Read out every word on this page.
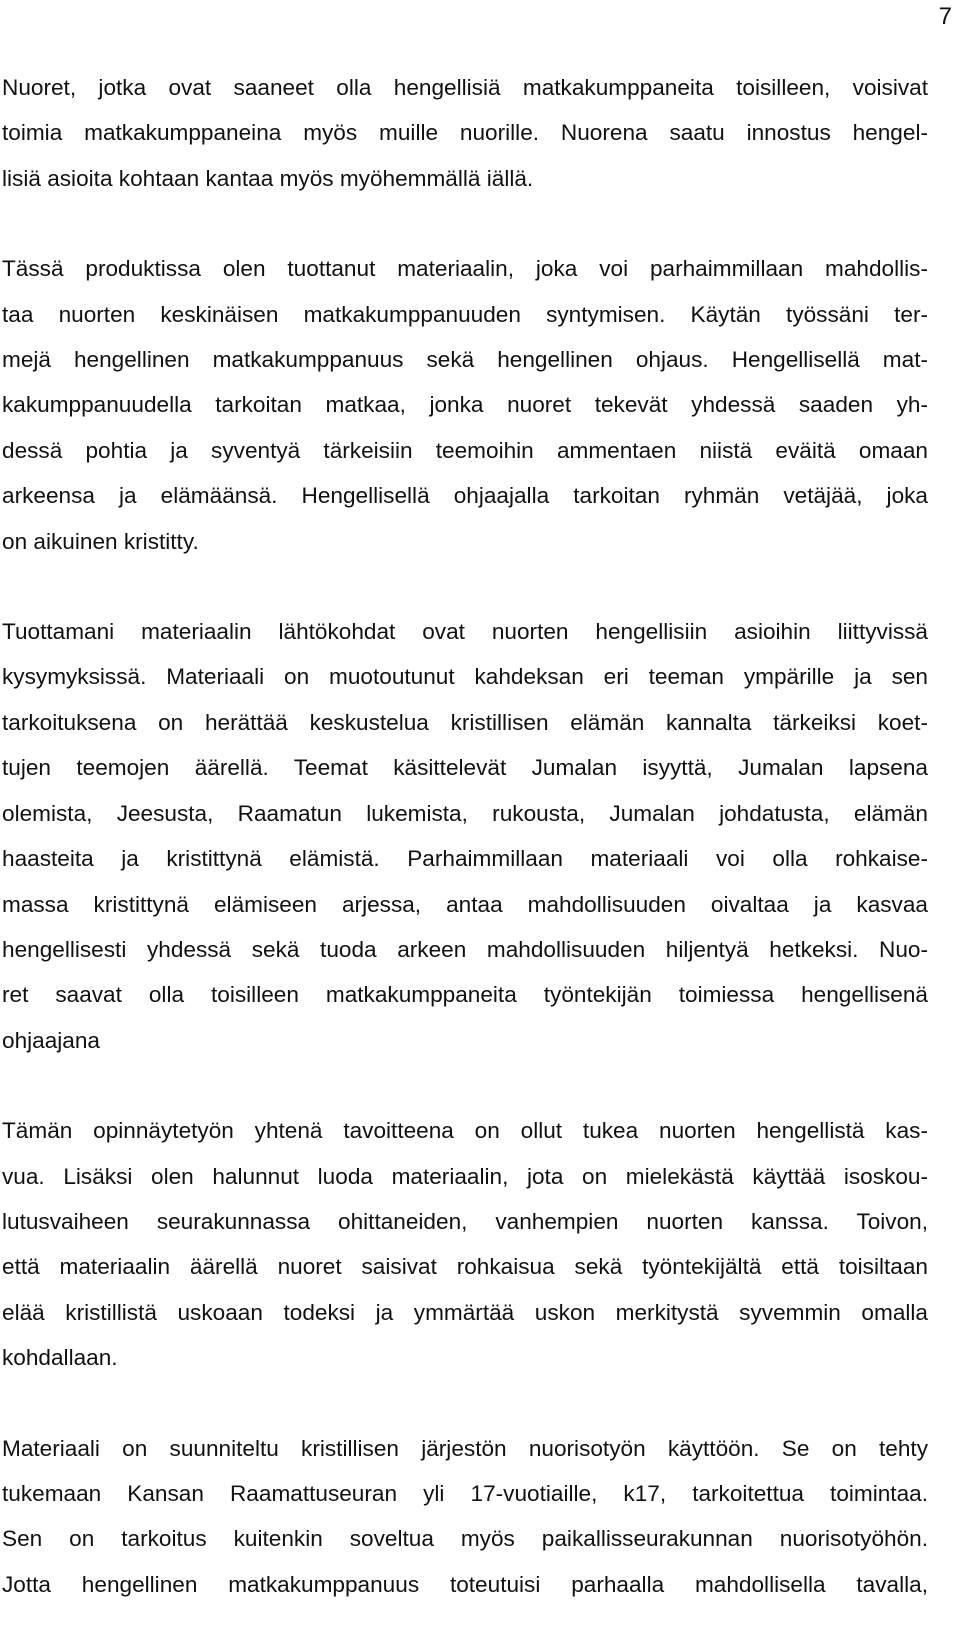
7
Nuoret, jotka ovat saaneet olla hengellisiä matkakumppaneita toisilleen, voisivat
toimia matkakumppaneina myös muille nuorille. Nuorena saatu innostus hengel-
lisiä asioita kohtaan kantaa myös myöhemmällä iällä.
Tässä produktissa olen tuottanut materiaalin, joka voi parhaimmillaan mahdollis-
taa nuorten keskinäisen matkakumppanuuden syntymisen. Käytän työssäni ter-
mejä hengellinen matkakumppanuus sekä hengellinen ohjaus. Hengellisellä mat-
kakumppanuudella tarkoitan matkaa, jonka nuoret tekevät yhdessä saaden yh-
dessä pohtia ja syventyä tärkeisiin teemoihin ammentaen niistä eväitä omaan
arkeensa ja elämäänsä. Hengellisellä ohjaajalla tarkoitan ryhmän vetäjää, joka
on aikuinen kristitty.
Tuottamani materiaalin lähtökohdat ovat nuorten hengellisiin asioihin liittyvissä
kysymyksissä. Materiaali on muotoutunut kahdeksan eri teeman ympärille ja sen
tarkoituksena on herättää keskustelua kristillisen elämän kannalta tärkeiksi koet-
tujen teemojen äärellä. Teemat käsittelevät Jumalan isyyttä, Jumalan lapsena
olemista, Jeesusta, Raamatun lukemista, rukousta, Jumalan johdatusta, elämän
haasteita ja kristittynä elämistä. Parhaimmillaan materiaali voi olla rohkaise-
massa kristittynä elämiseen arjessa, antaa mahdollisuuden oivaltaa ja kasvaa
hengellisesti yhdessä sekä tuoda arkeen mahdollisuuden hiljentyä hetkeksi. Nuo-
ret saavat olla toisilleen matkakumppaneita työntekijän toimiessa hengellisenä
ohjaajana
Tämän opinnäytetyön yhtenä tavoitteena on ollut tukea nuorten hengellistä kas-
vua. Lisäksi olen halunnut luoda materiaalin, jota on mielekästä käyttää isoskou-
lutusvaiheen seurakunnassa ohittaneiden, vanhempien nuorten kanssa. Toivon,
että materiaalin äärellä nuoret saisivat rohkaisua sekä työntekijältä että toisiltaan
elää kristillistä uskoaan todeksi ja ymmärtää uskon merkitystä syvemmin omalla
kohdallaan.
Materiaali on suunniteltu kristillisen järjestön nuorisotyön käyttöön. Se on tehty
tukemaan Kansan Raamattuseuran yli 17-vuotiaille, k17, tarkoitettua toimintaa.
Sen on tarkoitus kuitenkin soveltua myös paikallisseurakunnan nuorisotyöhön.
Jotta hengellinen matkakumppanuus toteutuisi parhaalla mahdollisella tavalla,
